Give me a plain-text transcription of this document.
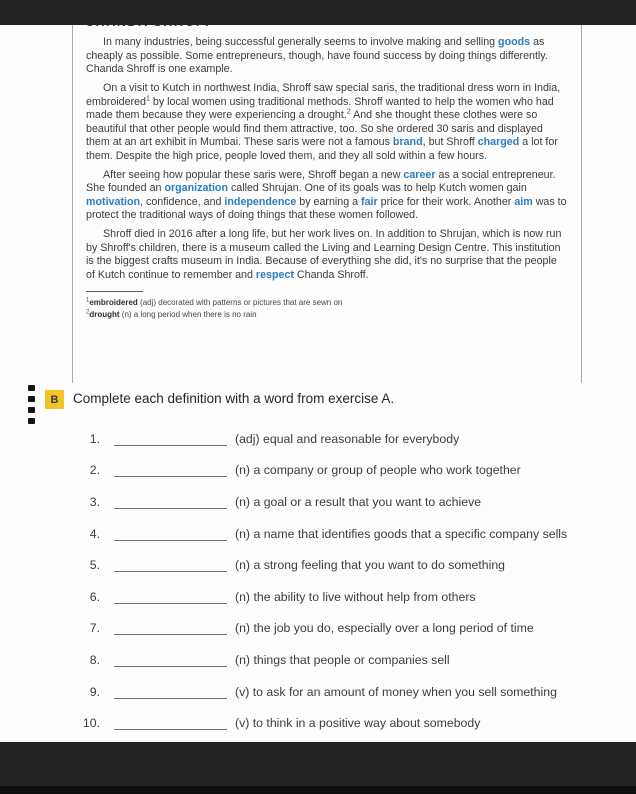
In many industries, being successful generally seems to involve making and selling goods as cheaply as possible. Some entrepreneurs, though, have found success by doing things differently. Chanda Shroff is one example.

On a visit to Kutch in northwest India, Shroff saw special saris, the traditional dress worn in India, embroidered$^1$ by local women using traditional methods. Shroff wanted to help the women who had made them because they were experiencing a drought.$^2$ And she thought these clothes were so beautiful that other people would find them attractive, too. So she ordered 30 saris and displayed them at an art exhibit in Mumbai. These saris were not a famous brand, but Shroff charged a lot for them. Despite the high price, people loved them, and they all sold within a few hours.

After seeing how popular these saris were, Shroff began a new career as a social entrepreneur. She founded an organization called Shrujan. One of its goals was to help Kutch women gain motivation, confidence, and independence by earning a fair price for their work. Another aim was to protect the traditional ways of doing things that these women followed.

Shroff died in 2016 after a long life, but her work lives on. In addition to Shrujan, which is now run by Shroff's children, there is a museum called the Living and Learning Design Centre. This institution is the biggest crafts museum in India. Because of everything she did, it's no surprise that the people of Kutch continue to remember and respect Chanda Shroff.

$^1$embroidered (adj) decorated with patterns or pictures that are sewn on
$^2$drought (n) a long period when there is no rain
B	Complete each definition with a word from exercise A.
1.	(adj) equal and reasonable for everybody
2.	(n) a company or group of people who work together
3.	(n) a goal or a result that you want to achieve
4.	(n) a name that identifies goods that a specific company sells
5.	(n) a strong feeling that you want to do something
6.	(n) the ability to live without help from others
7.	(n) the job you do, especially over a long period of time
8.	(n) things that people or companies sell
9.	(v) to ask for an amount of money when you sell something
10.	(v) to think in a positive way about somebody
